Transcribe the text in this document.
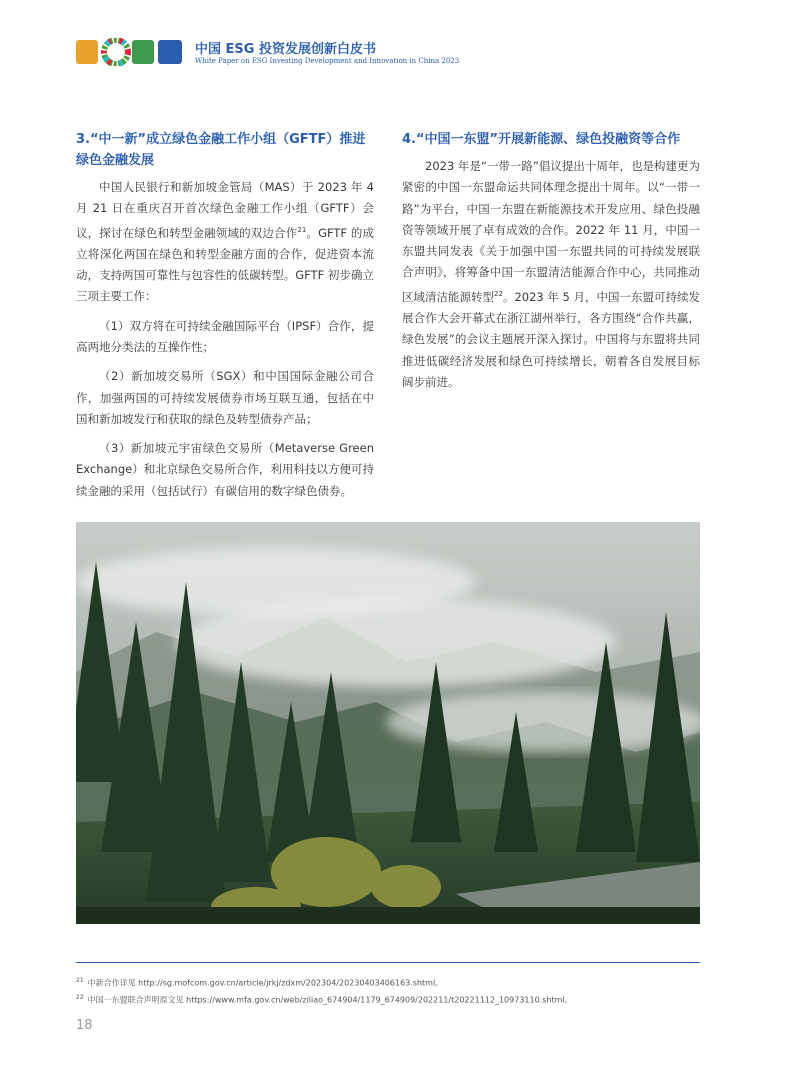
中国 ESG 投资发展创新白皮书
White Paper on ESG Investing Development and Innovation in China 2023
3.“中一新”成立绿色金融工作小组（GFTF）推进绿色金融发展

中国人民银行和新加坡金管局（MAS）于 2023 年 4 月 21 日在重庆召开首次绿色金融工作小组（GFTF）会议，探讨在绿色和转型金融领域的双边合作$^{21}$。GFTF 的成立将深化两国在绿色和转型金融方面的合作，促进资本流动，支持两国可靠性与包容性的低碳转型。GFTF 初步确立三项主要工作：

（1）双方将在可持续金融国际平台（IPSF）合作，提高两地分类法的互操作性；

（2）新加坡交易所（SGX）和中国国际金融公司合作，加强两国的可持续发展债券市场互联互通，包括在中国和新加坡发行和获取的绿色及转型债券产品；

（3）新加坡元宇宙绿色交易所（Metaverse Green Exchange）和北京绿色交易所合作，利用科技以方便可持续金融的采用（包括试行）有碳信用的数字绿色债券。

4.“中国一东盟”开展新能源、绿色投融资等合作

2023 年是“一带一路”倡议提出十周年，也是构建更为紧密的中国一东盟命运共同体理念提出十周年。以“一带一路”为平台，中国一东盟在新能源技术开发应用、绿色投融资等领域开展了卓有成效的合作。2022 年 11 月，中国一东盟共同发表《关于加强中国一东盟共同的可持续发展联合声明》，将筹备中国一东盟清洁能源合作中心，共同推动区域清洁能源转型$^{22}$。2023 年 5 月，中国一东盟可持续发展合作大会开幕式在浙江湖州举行，各方围绕“合作共赢，绿色发展”的会议主题展开深入探讨。中国将与东盟将共同推进低碳经济发展和绿色可持续增长，朝着各自发展目标阔步前进。

$^{21}$ 中新合作详见 http://sg.mofcom.gov.cn/article/jrkj/zdxm/202304/20230403406163.shtml。
$^{22}$ 中国一东盟联合声明原文见 https://www.mfa.gov.cn/web/ziliao_674904/1179_674909/202211/t20221112_10973110.shtml。
18
